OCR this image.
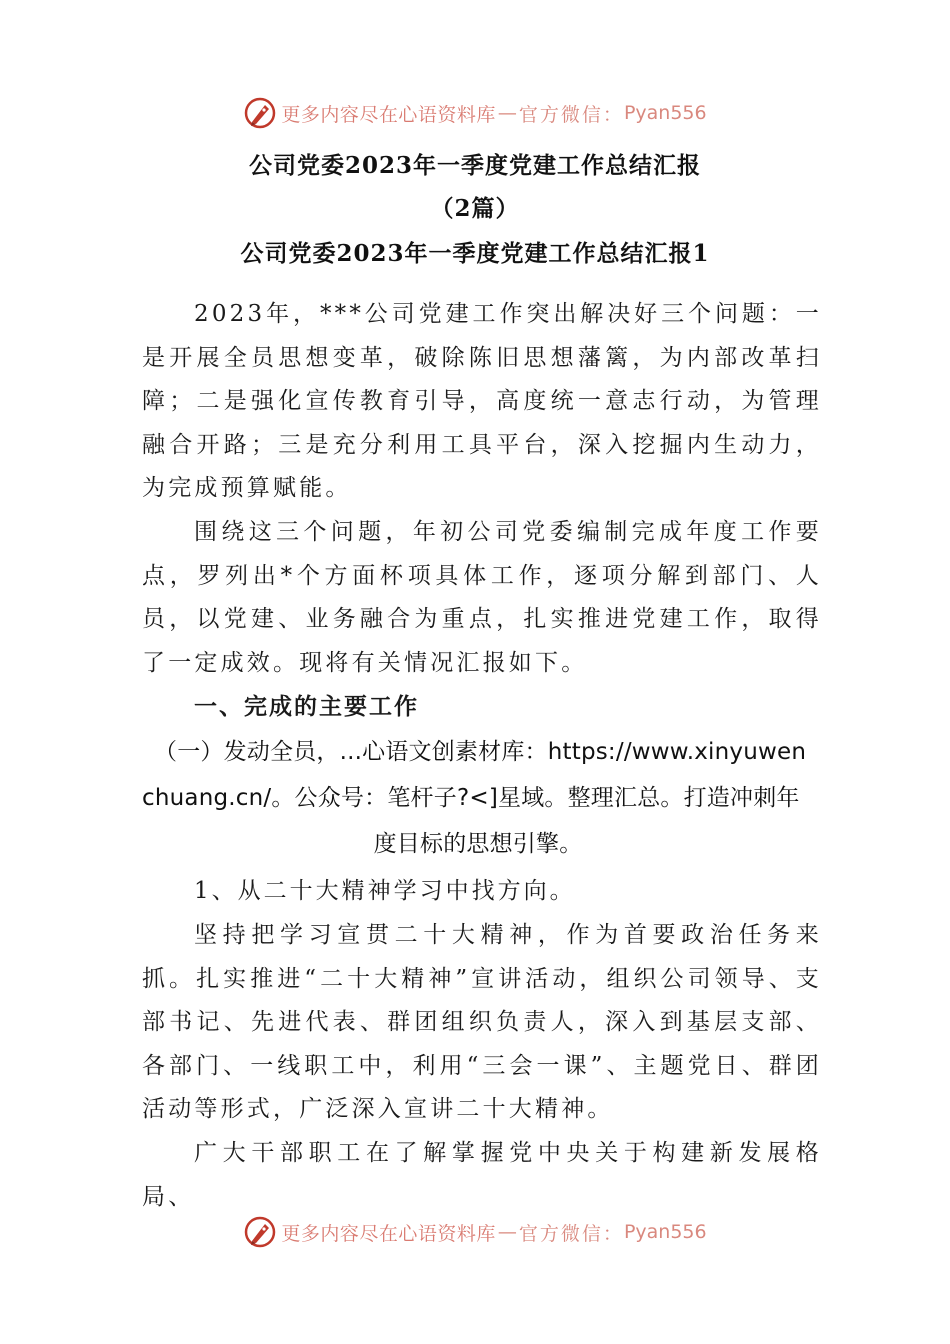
更多内容尽在心语资料库 — 官方微信： Pyan556
公司党委2023年一季度党建工作总结汇报
（2篇）
公司党委2023年一季度党建工作总结汇报1

2023年，***公司党建工作突出解决好三个问题：一是开展全员思想变革，破除陈旧思想藩篱，为内部改革扫障；二是强化宣传教育引导，高度统一意志行动，为管理融合开路；三是充分利用工具平台，深入挖掘内生动力，为完成预算赋能。

围绕这三个问题，年初公司党委编制完成年度工作要点，罗列出*个方面杯项具体工作，逐项分解到部门、人员，以党建、业务融合为重点，扎实推进党建工作，取得了一定成效。现将有关情况汇报如下。

一、完成的主要工作
（一）发动全员，...心语文创素材库：https://www.xinyuwen
chuang.cn/。公众号：笔杆子?<]星域。整理汇总。打造冲刺年
度目标的思想引擎。
1、从二十大精神学习中找方向。

坚持把学习宣贯二十大精神，作为首要政治任务来抓。扎实推进“二十大精神”宣讲活动，组织公司领导、支部书记、先进代表、群团组织负责人，深入到基层支部、各部门、一线职工中，利用“三会一课”、主题党日、群团活动等形式，广泛深入宣讲二十大精神。

广大干部职工在了解掌握党中央关于构建新发展格局、

更多内容尽在心语资料库 — 官方微信： Pyan556
